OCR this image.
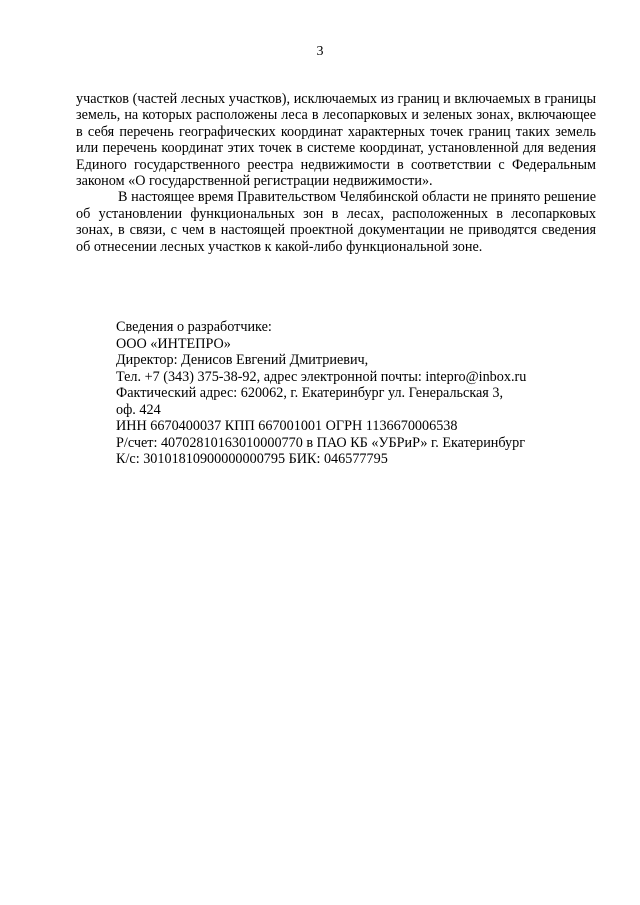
3

участков (частей лесных участков), исключаемых из границ и включаемых в границы земель, на которых расположены леса в лесопарковых и зеленых зонах, включающее в себя перечень географических координат характерных точек границ таких земель или перечень координат этих точек в системе координат, установленной для ведения Единого государственного реестра недвижимости в соответствии с Федеральным законом «О государственной регистрации недвижимости».

В настоящее время Правительством Челябинской области не принято решение об установлении функциональных зон в лесах, расположенных в лесопарковых зонах, в связи, с чем в настоящей проектной документации не приводятся сведения об отнесении лесных участков к какой-либо функциональной зоне.

Сведения о разработчике:
ООО «ИНТЕПРО»
Директор: Денисов Евгений Дмитриевич,
Тел. +7 (343) 375-38-92, адрес электронной почты: intepro@inbox.ru
Фактический адрес: 620062, г. Екатеринбург ул. Генеральская 3,
оф. 424
ИНН 6670400037 КПП 667001001 ОГРН 1136670006538
Р/счет: 40702810163010000770 в ПАО КБ «УБРиР» г. Екатеринбург
К/с: 30101810900000000795 БИК: 046577795
